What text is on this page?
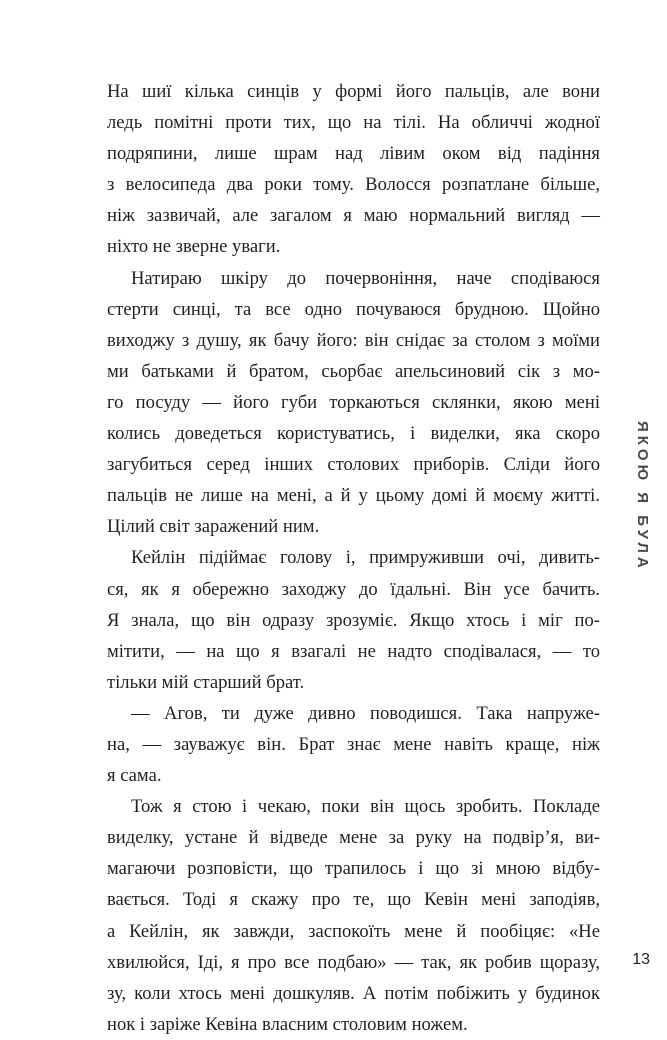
На шиї кілька синців у формі його пальців, але вони
ледь помітні проти тих, що на тілі. На обличчі жодної
подряпини, лише шрам над лівим оком від падіння
з велосипеда два роки тому. Волосся розпатлане більше,
ніж зазвичай, але загалом я маю нормальний вигляд —
ніхто не зверне уваги.
Натираю шкіру до почервоніння, наче сподіваюся
стерти синці, та все одно почуваюся брудною. Щойно
виходжу з душу, як бачу його: він снідає за столом з моїми
ми батьками й братом, сьорбає апельсиновий сік з мо-
го посуду — його губи торкаються склянки, якою мені
колись доведеться користуватись, і виделки, яка скоро
загубиться серед інших столових приборів. Сліди його
пальців не лише на мені, а й у цьому домі й моєму житті.
Цілий світ заражений ним.
Кейлін підіймає голову і, примруживши очі, дивить-
ся, як я обережно заходжу до їдальні. Він усе бачить.
Я знала, що він одразу зрозуміє. Якщо хтось і міг по-
мітити, — на що я взагалі не надто сподівалася, — то
тільки мій старший брат.
— Агов, ти дуже дивно поводишся. Така напруже-
на, — зауважує він. Брат знає мене навіть краще, ніж
я сама.
Тож я стою і чекаю, поки він щось зробить. Покладе
виделку, устане й відведе мене за руку на подвір’я, ви-
магаючи розповісти, що трапилось і що зі мною відбу-
вається. Тоді я скажу про те, що Кевін мені заподіяв,
а Кейлін, як завжди, заспокоїть мене й пообіцяє: «Не
хвилюйся, Іді, я про все подбаю» — так, як робив щоразу,
зу, коли хтось мені дошкуляв. А потім побіжить у будинок
нок і заріже Кевіна власним столовим ножем.
ЯКОЮ Я БУЛА
13
